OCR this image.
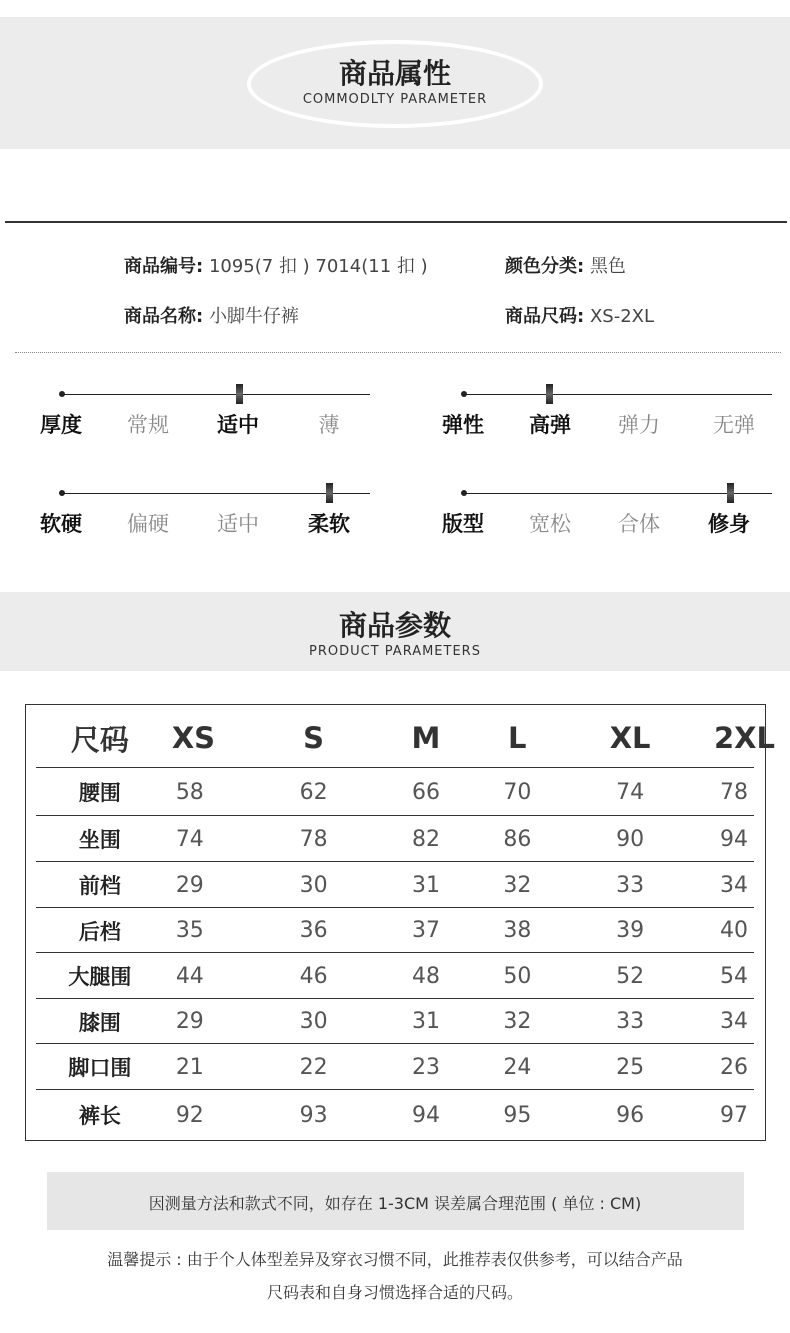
商品属性
COMMODLTY PARAMETER
商品编号: 1095(7 扣 ) 7014(11 扣 )	颜色分类: 黑色
商品名称: 小脚牛仔裤	商品尺码: XS-2XL
厚度	常规	适中	薄	弹性	高弹	弹力	无弹
软硬	偏硬	适中	柔软	版型	宽松	合体	修身
商品参数
PRODUCT PARAMETERS
尺码	XS	S	M	L	XL	2XL
腰围	58	62	66	70	74	78
坐围	74	78	82	86	90	94
前档	29	30	31	32	33	34
后档	35	36	37	38	39	40
大腿围	44	46	48	50	52	54
膝围	29	30	31	32	33	34
脚口围	21	22	23	24	25	26
裤长	92	93	94	95	96	97
因测量方法和款式不同，如存在 1-3CM 误差属合理范围 ( 单位 : CM)
温馨提示 : 由于个人体型差异及穿衣习惯不同，此推荐表仅供参考，可以结合产品
尺码表和自身习惯选择合适的尺码。
